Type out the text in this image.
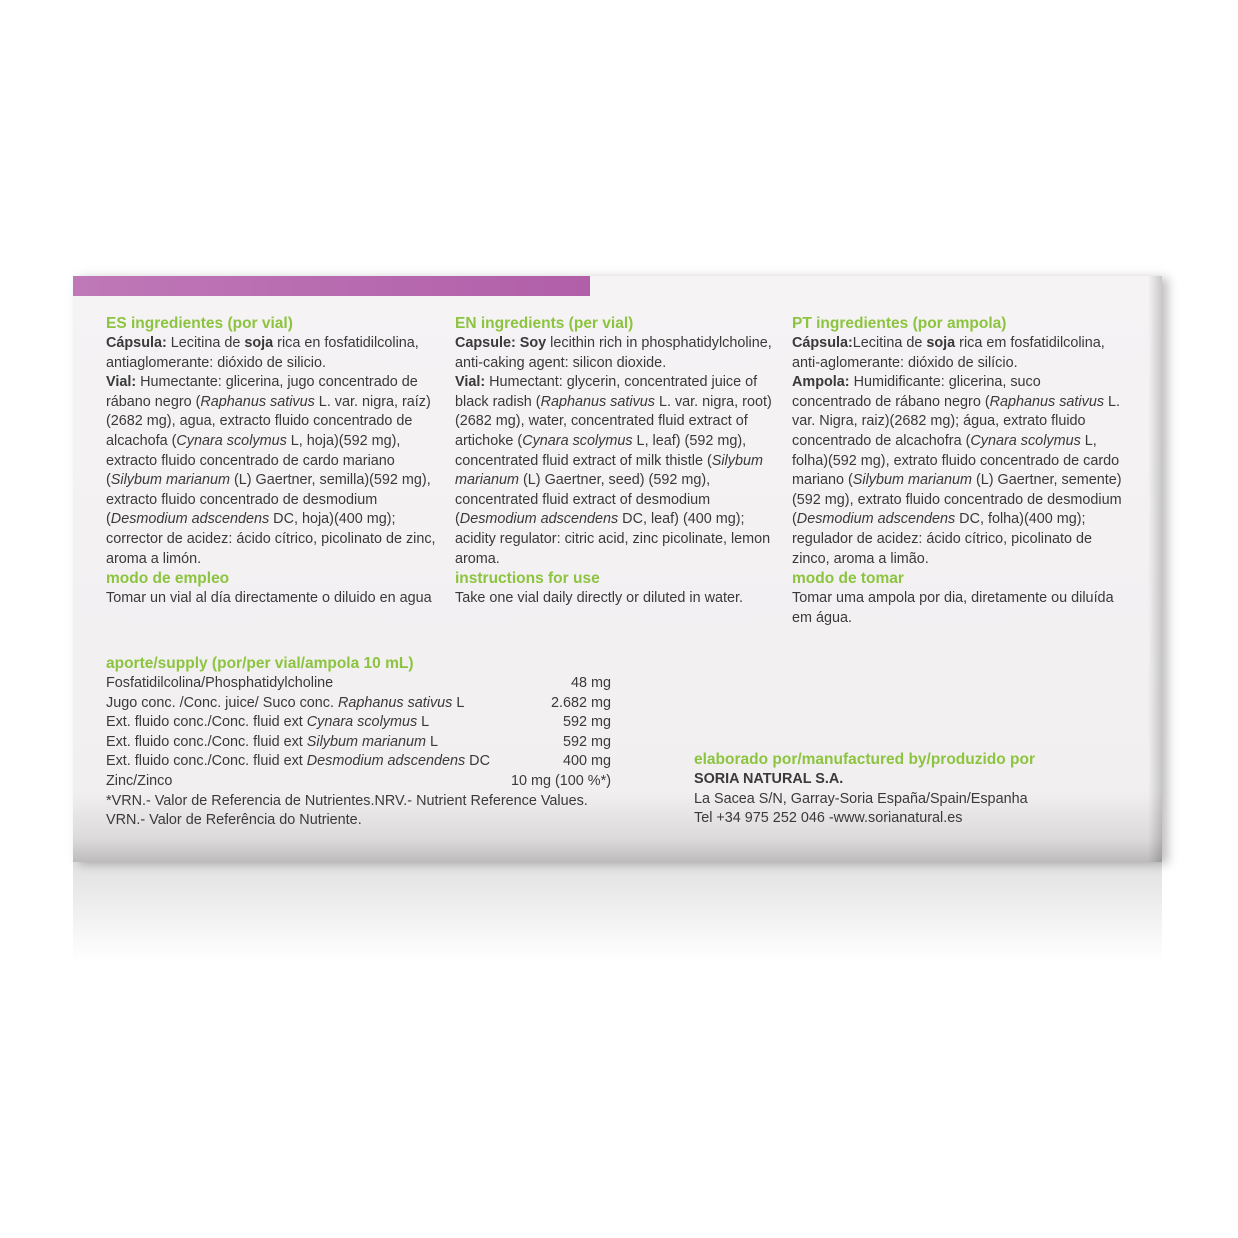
ES ingredientes (por vial)

Cápsula: Lecitina de soja rica en fosfatidilcolina, antiaglomerante: dióxido de silicio.

Vial: Humectante: glicerina, jugo concentrado de rábano negro (Raphanus sativus L. var. nigra, raíz)(2682 mg), agua, extracto fluido concentrado de alcachofa (Cynara scolymus L, hoja)(592 mg), extracto fluido concentrado de cardo mariano (Silybum marianum (L) Gaertner, semilla)(592 mg), extracto fluido concentrado de desmodium (Desmodium adscendens DC, hoja)(400 mg); corrector de acidez: ácido cítrico, picolinato de zinc, aroma a limón.

modo de empleo

Tomar un vial al día directamente o diluido en agua

EN ingredients (per vial)

Capsule: Soy lecithin rich in phosphatidylcholine, anti-caking agent: silicon dioxide.

Vial: Humectant: glycerin, concentrated juice of black radish (Raphanus sativus L. var. nigra, root)(2682 mg), water, concentrated fluid extract of artichoke (Cynara scolymus L, leaf) (592 mg), concentrated fluid extract of milk thistle (Silybum marianum (L) Gaertner, seed) (592 mg), concentrated fluid extract of desmodium (Desmodium adscendens DC, leaf) (400 mg); acidity regulator: citric acid, zinc picolinate, lemon aroma.

instructions for use

Take one vial daily directly or diluted in water.

PT ingredientes (por ampola)

Cápsula:Lecitina de soja rica em fosfatidilcolina, anti-aglomerante: dióxido de silício.

Ampola: Humidificante: glicerina, suco concentrado de rábano negro (Raphanus sativus L. var. Nigra, raiz)(2682 mg); água, extrato fluido concentrado de alcachofra (Cynara scolymus L, folha)(592 mg), extrato fluido concentrado de cardo mariano (Silybum marianum (L) Gaertner, semente)(592 mg), extrato fluido concentrado de desmodium (Desmodium adscendens DC, folha)(400 mg); regulador de acidez: ácido cítrico, picolinato de zinco, aroma a limão.

modo de tomar

Tomar uma ampola por dia, diretamente ou diluída em água.

aporte/supply (por/per vial/ampola 10 mL)

Fosfatidilcolina/Phosphatidylcholine	48 mg
Jugo conc. /Conc. juice/ Suco conc. Raphanus sativus L	2.682 mg
Ext. fluido conc./Conc. fluid ext Cynara scolymus L	592 mg
Ext. fluido conc./Conc. fluid ext Silybum marianum L	592 mg
Ext. fluido conc./Conc. fluid ext Desmodium adscendens DC	400 mg
Zinc/Zinco	10 mg (100 %*)

*VRN.- Valor de Referencia de Nutrientes.NRV.- Nutrient Reference Values.

VRN.- Valor de Referência do Nutriente.

elaborado por/manufactured by/produzido por

SORIA NATURAL S.A.

La Sacea S/N, Garray-Soria España/Spain/Espanha

Tel +34 975 252 046 -www.sorianatural.es
